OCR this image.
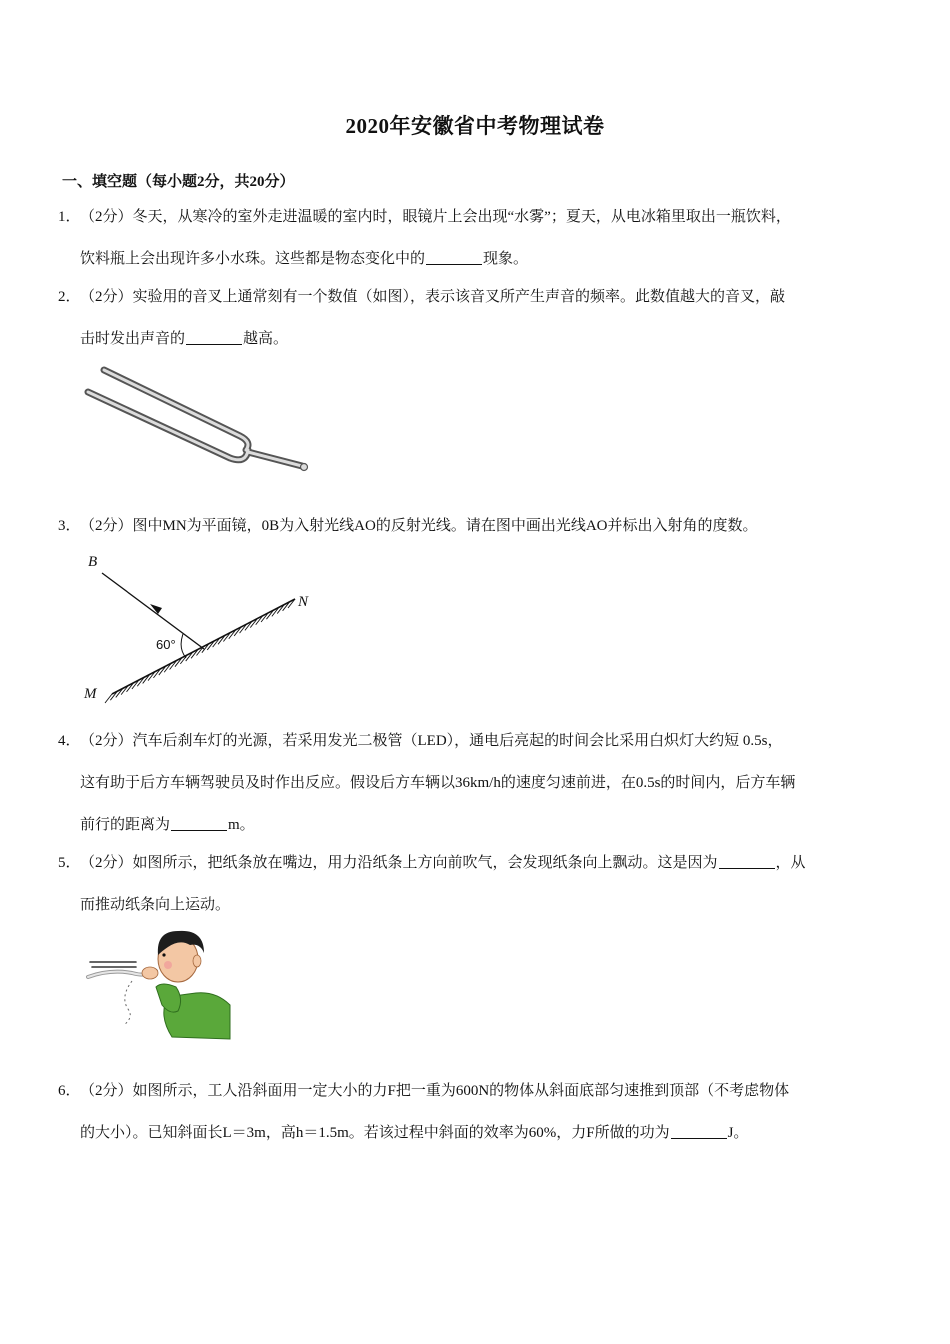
2020年安徽省中考物理试卷
一、填空题（每小题2分，共20分）
1．（2分）冬天，从寒冷的室外走进温暖的室内时，眼镜片上会出现“水雾”；夏天，从电冰箱里取出一瓶饮料，
饮料瓶上会出现许多小水珠。这些都是物态变化中的	现象。
2．（2分）实验用的音叉上通常刻有一个数值（如图），表示该音叉所产生声音的频率。此数值越大的音叉，敲
击时发出声音的	越高。
3．（2分）图中MN为平面镜，0B为入射光线AO的反射光线。请在图中画出光线AO并标出入射角的度数。
B
N
M
60°
4．（2分）汽车后刹车灯的光源，若采用发光二极管（LED），通电后亮起的时间会比采用白炽灯大约短 0.5s，
这有助于后方车辆驾驶员及时作出反应。假设后方车辆以36km/h的速度匀速前进，在0.5s的时间内，后方车辆
前行的距离为	m。
5．（2分）如图所示，把纸条放在嘴边，用力沿纸条上方向前吹气，会发现纸条向上飘动。这是因为	，从
而推动纸条向上运动。
6．（2分）如图所示，工人沿斜面用一定大小的力F把一重为600N的物体从斜面底部匀速推到顶部（不考虑物体
的大小）。已知斜面长L＝3m，高h＝1.5m。若该过程中斜面的效率为60%，力F所做的功为	J。
